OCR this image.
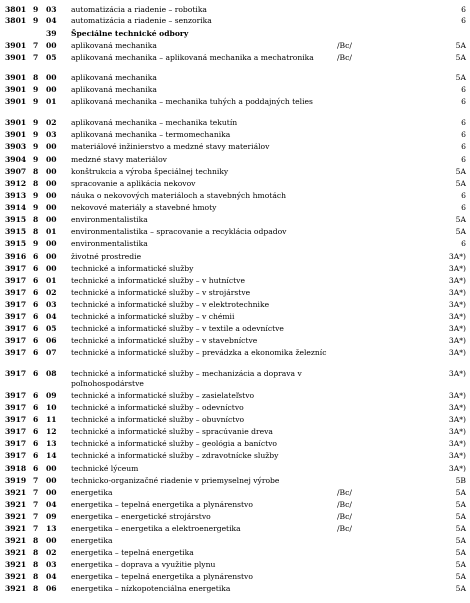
3801 9 03 automatizácia a riadenie – robotika	6
3801 9 04 automatizácia a riadenie – senzorika	6
39 Špeciálne technické odbory
3901 7 00 aplikovaná mechanika	/Bc/	5A
3901 7 05 aplikovaná mechanika – aplikovaná mechanika a mechatronika	/Bc/	5A
3901 8 00 aplikovaná mechanika	5A
3901 9 00 aplikovaná mechanika	6
3901 9 01 aplikovaná mechanika – mechanika tuhých a poddajných telies	6
3901 9 02 aplikovaná mechanika – mechanika tekutín	6
3901 9 03 aplikovaná mechanika – termomechanika	6
3903 9 00 materiálové inžinierstvo a medzné stavy materiálov	6
3904 9 00 medzné stavy materiálov	6
3907 8 00 konštrukcia a výroba špeciálnej techniky	5A
3912 8 00 spracovanie a aplikácia nekovov	5A
3913 9 00 náuka o nekovových materiáloch a stavebných hmotách	6
3914 9 00 nekovové materiály a stavebné hmoty	6
3915 8 00 environmentalistika	5A
3915 8 01 environmentalistika – spracovanie a recyklácia odpadov	5A
3915 9 00 environmentalistika	6
3916 6 00 životné prostredie	3A*)
3917 6 00 technické a informatické služby	3A*)
3917 6 01 technické a informatické služby – v hutníctve	3A*)
3917 6 02 technické a informatické služby – v strojárstve	3A*)
3917 6 03 technické a informatické služby – v elektrotechnike	3A*)
3917 6 04 technické a informatické služby – v chémii	3A*)
3917 6 05 technické a informatické služby – v textile a odevníctve	3A*)
3917 6 06 technické a informatické služby – v stavebníctve	3A*)
3917 6 07 technické a informatické služby – prevádzka a ekonomika železníc	3A*)
3917 6 08 technické a informatické služby – mechanizácia a doprava v poľnohospodárstve
3A*)
3917 6 09 technické a informatické služby – zasielateľstvo	3A*)
3917 6 10 technické a informatické služby – odevníctvo	3A*)
3917 6 11 technické a informatické služby – obuvníctvo	3A*)
3917 6 12 technické a informatické služby – spracúvanie dreva	3A*)
3917 6 13 technické a informatické služby – geológia a baníctvo	3A*)
3917 6 14 technické a informatické služby – zdravotnícke služby	3A*)
3918 6 00 technické lýceum	3A*)
3919 7 00 technicko-organizačné riadenie v priemyselnej výrobe	5B
3921 7 00 energetika	/Bc/	5A
3921 7 04 energetika – tepelná energetika a plynárenstvo	/Bc/	5A
3921 7 09 energetika – energetické strojárstvo	/Bc/	5A
3921 7 13 energetika – energetika a elektroenergetika	/Bc/	5A
3921 8 00 energetika	5A
3921 8 02 energetika – tepelná energetika	5A
3921 8 03 energetika – doprava a využitie plynu	5A
3921 8 04 energetika – tepelná energetika a plynárenstvo	5A
3921 8 06 energetika – nízkopotenciálna energetika	5A
